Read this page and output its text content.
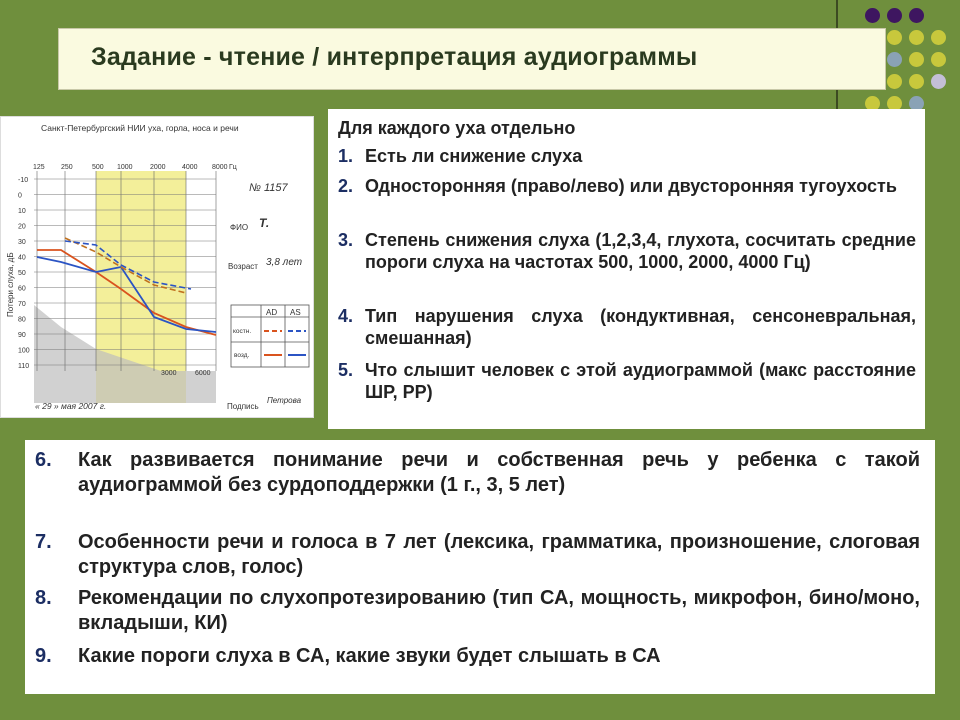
Задание - чтение / интерпретация аудиограммы
Санкт-Петербургский НИИ уха, горла, носа и речи
125 250	500 1000 2000 4000 8000 Гц
-10
0
10
20
30
40
50
60
70
80
90
100
110
Потери слуха, дБ
№ 1157
ФИО Т.
Возраст 3,8 лет
AD AS
костн.
возд.
3000	6000
« 29 » мая 2007 г.	Подпись
Петрова
Для каждого уха отдельно
1. Есть ли снижение слуха
2. Односторонняя (право/лево) или двусторонняя тугоухость
3. Степень снижения слуха (1,2,3,4, глухота, сосчитать средние пороги слуха на частотах 500, 1000, 2000, 4000 Гц)
4. Тип нарушения слуха (кондуктивная, сенсоневральная, смешанная)
5. Что слышит человек с этой аудиограммой (макс расстояние ШР, РР)
6. Как развивается понимание речи и собственная речь у ребенка с такой аудиограммой без сурдоподдержки (1 г., 3, 5 лет)
7. Особенности речи и голоса в 7 лет (лексика, грамматика, произношение, слоговая структура слов, голос)
8. Рекомендации по слухопротезированию (тип СА, мощность, микрофон, бино/моно, вкладыши, КИ)
9. Какие пороги слуха в СА, какие звуки будет слышать в СА
